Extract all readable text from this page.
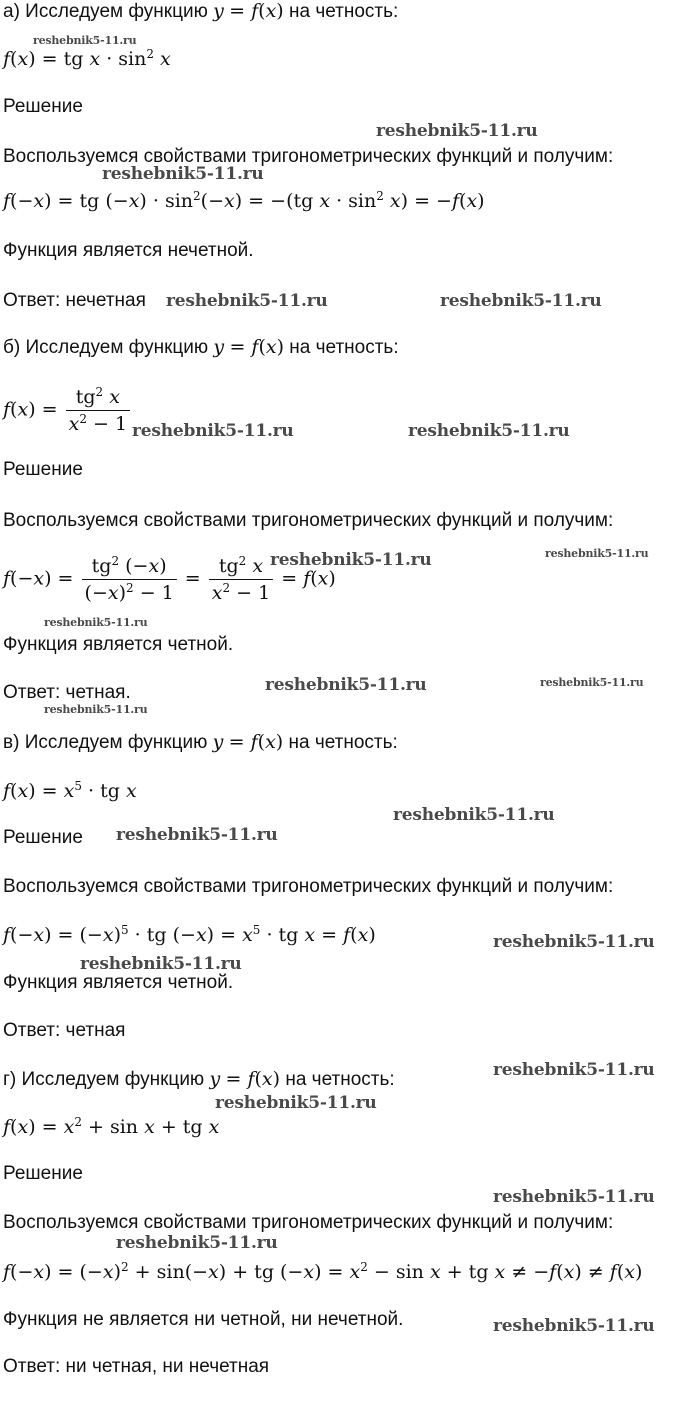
а) Исследуем функцию y = f(x) на четность:
f(x) = tg $x \cdot \sin^2 x$
Решение
Воспользуемся свойствами тригонометрических функций и получим:
f(−x) = tg $(-x) \cdot \sin^2(-x) = -(tg$ $x \cdot \sin^2 x) = -f(x)$
Функция является нечетной.
Ответ: нечетная
б) Исследуем функцию y = f(x) на четность:
$f(x) = \frac{tg^2 x}{x^2 - 1}$
Решение
Воспользуемся свойствами тригонометрических функций и получим:
$f(-x) = \frac{tg^2 (-x)}{(-x)^2 - 1} = \frac{tg^2 x}{x^2 - 1} = f(x)$
Функция является четной.
Ответ: четная.
в) Исследуем функцию y = f(x) на четность:
$f(x) = x^5$ · tg x
Решение
Воспользуемся свойствами тригонометрических функций и получим:
$f(-x) = (-x)^5$ · tg $(-x) = x^5$ · tg x = f(x)
Функция является четной.
Ответ: четная
г) Исследуем функцию y = f(x) на четность:
$f(x) = x^2 + \sin x$ + tg x
Решение
Воспользуемся свойствами тригонометрических функций и получим:
$f(-x) = (-x)^2 + \sin(-x)$ + tg $(-x) = x^2 - \sin x$ + tg x ≠ −f(x) ≠ f(x)
Функция не является ни четной, ни нечетной.
Ответ: ни четная, ни нечетная
reshebnik5-11.ru
reshebnik5-11.ru
reshebnik5-11.ru
reshebnik5-11.ru	reshebnik5-11.ru
reshebnik5-11.ru	reshebnik5-11.ru
reshebnik5-11.ru	reshebnik5-11.ru
reshebnik5-11.ru
reshebnik5-11.ru	reshebnik5-11.ru
reshebnik5-11.ru
reshebnik5-11.ru
reshebnik5-11.ru
reshebnik5-11.ru
reshebnik5-11.ru
reshebnik5-11.ru
reshebnik5-11.ru
reshebnik5-11.ru
reshebnik5-11.ru
reshebnik5-11.ru
